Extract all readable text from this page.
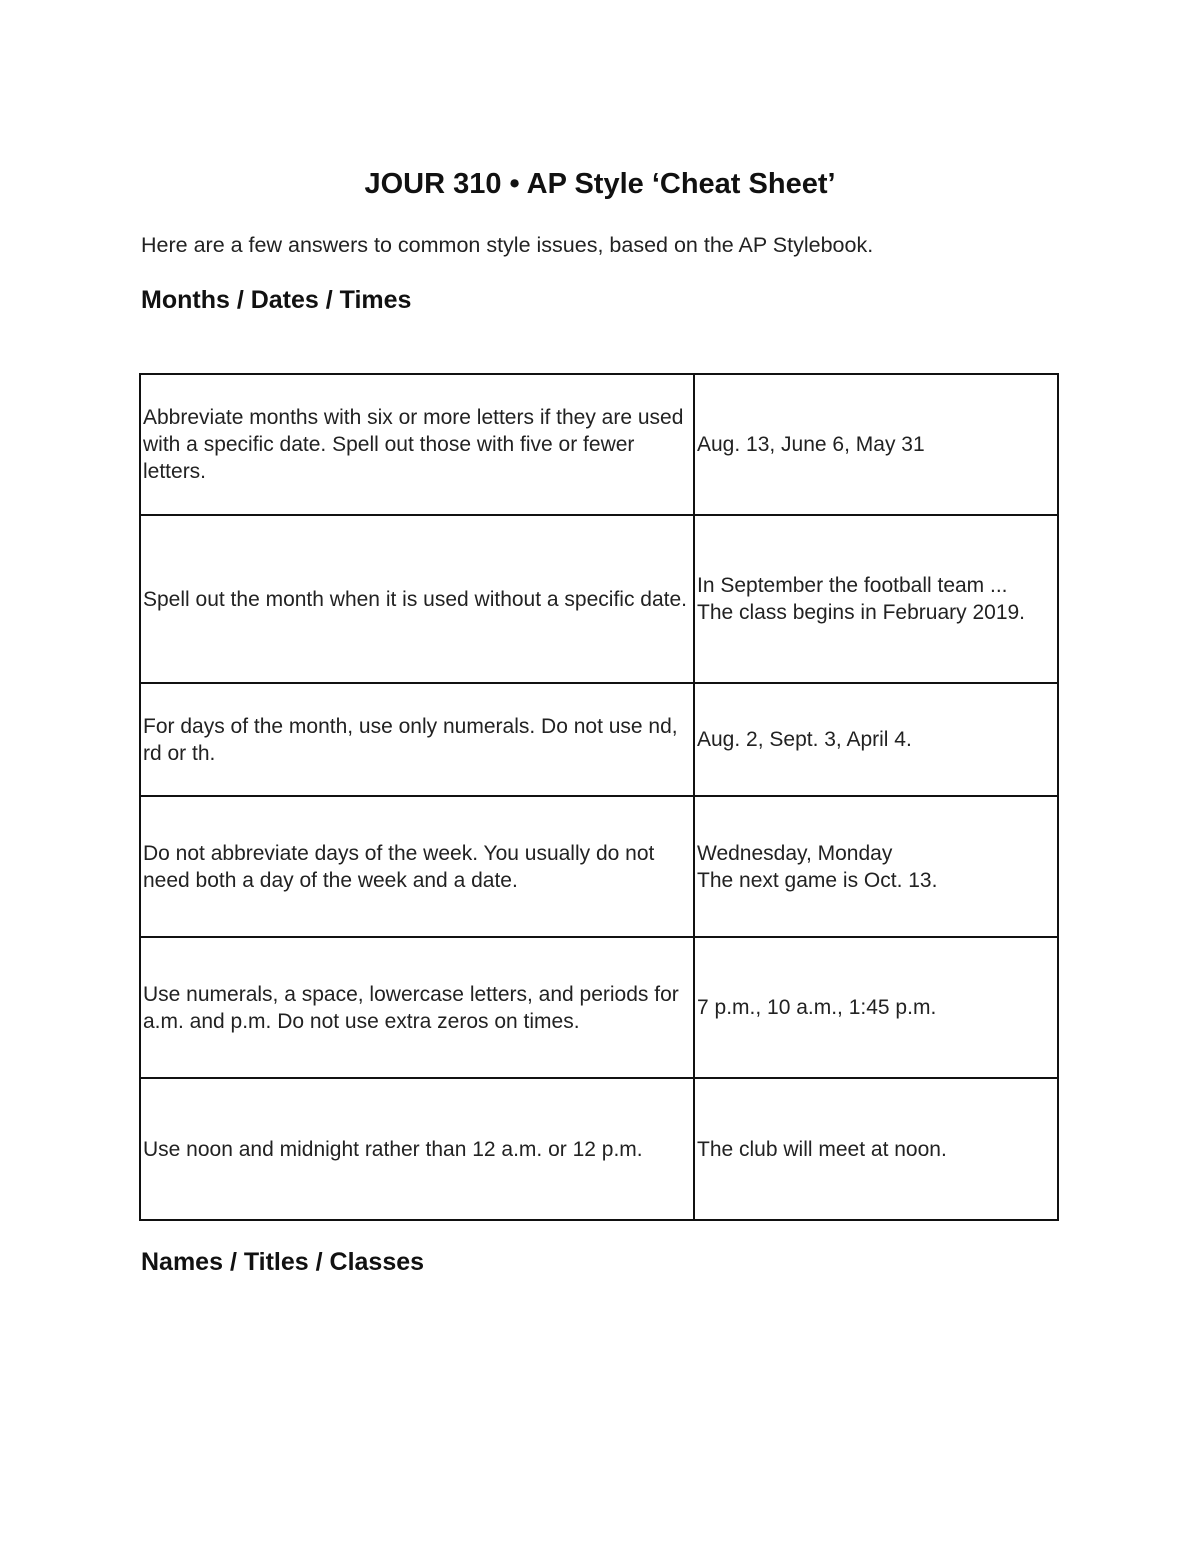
JOUR 310 • AP Style ‘Cheat Sheet’
Here are a few answers to common style issues, based on the AP Stylebook.
Months / Dates / Times
Abbreviate months with six or more letters if they are used with a specific date. Spell out those with five or fewer letters.	Aug. 13, June 6, May 31

Spell out the month when it is used without a specific date.	In September the football team ...
The class begins in February 2019.

For days of the month, use only numerals. Do not use nd, rd or th.	Aug. 2, Sept. 3, April 4.

Do not abbreviate days of the week. You usually do not need both a day of the week and a date.	Wednesday, Monday
The next game is Oct. 13.

Use numerals, a space, lowercase letters, and periods for a.m. and p.m. Do not use extra zeros on times.	7 p.m., 10 a.m., 1:45 p.m.

Use noon and midnight rather than 12 a.m. or 12 p.m.	The club will meet at noon.
Names / Titles / Classes
